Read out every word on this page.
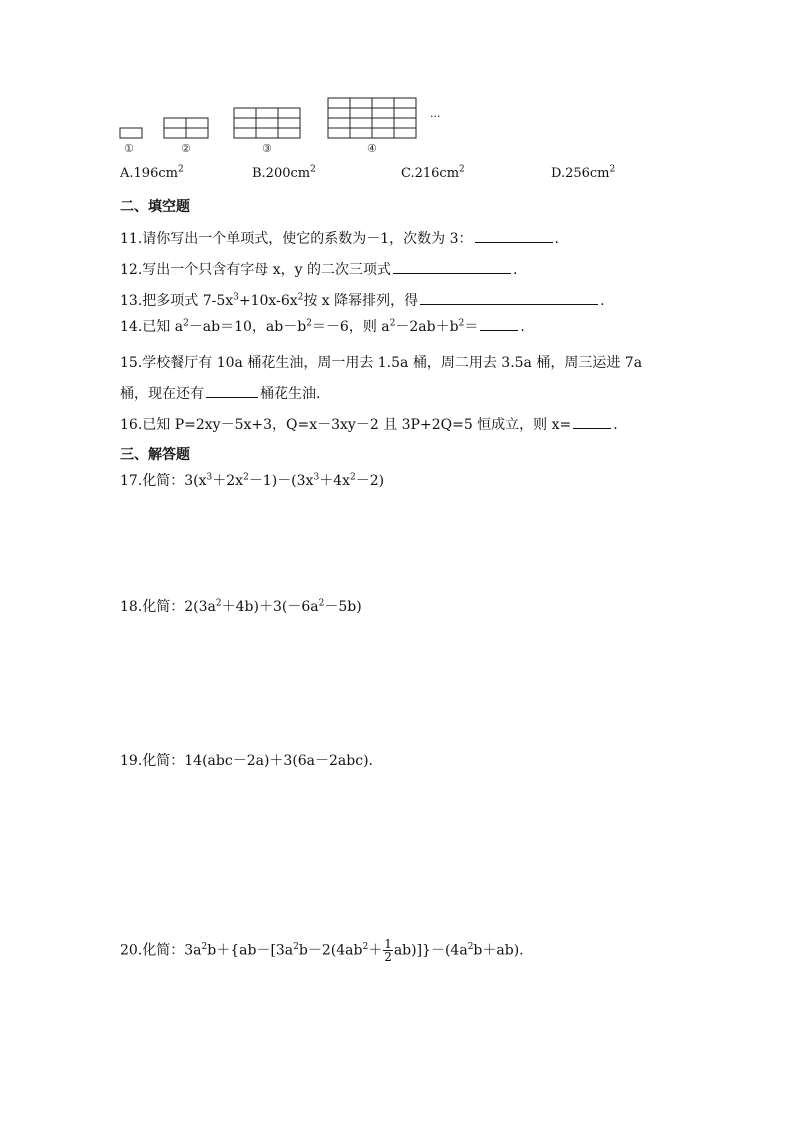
···
①	②	③	④
$A.196cm^2$	$B.200cm^2$	$C.216cm^2$	$D.256cm^2$
二、填空题
11.请你写出一个单项式，使它的系数为－1，次数为 3：	.
12.写出一个只含有字母 x，y 的二次三项式	.
13.把多项式 $7-5x^3+10x-6x^2$按 x 降幂排列，得	.
14.已知 $a^2-ab=10$，$ab-b^2=-6$，则 $a^2-2ab+b^2=$	.
15.学校餐厅有 10a 桶花生油，周一用去 1.5a 桶，周二用去 3.5a 桶，周三运进 7a
桶，现在还有	桶花生油.
16.已知 P=2xy－5x+3，Q=x－3xy－2 且 3P+2Q=5 恒成立，则 x=	.
三、解答题
17.化简：$3(x^3+2x^2-1)-(3x^3+4x^2-2)$
18.化简：$2(3a^2+4b)+3(-6a^2-5b)$
19.化简：14(abc－2a)＋3(6a－2abc).
20.化简：$3a^2b+\{ab-[3a^2b-2(4ab^2+ \frac{1}{2} ab)]\}-(4a^2b+ab)$.
